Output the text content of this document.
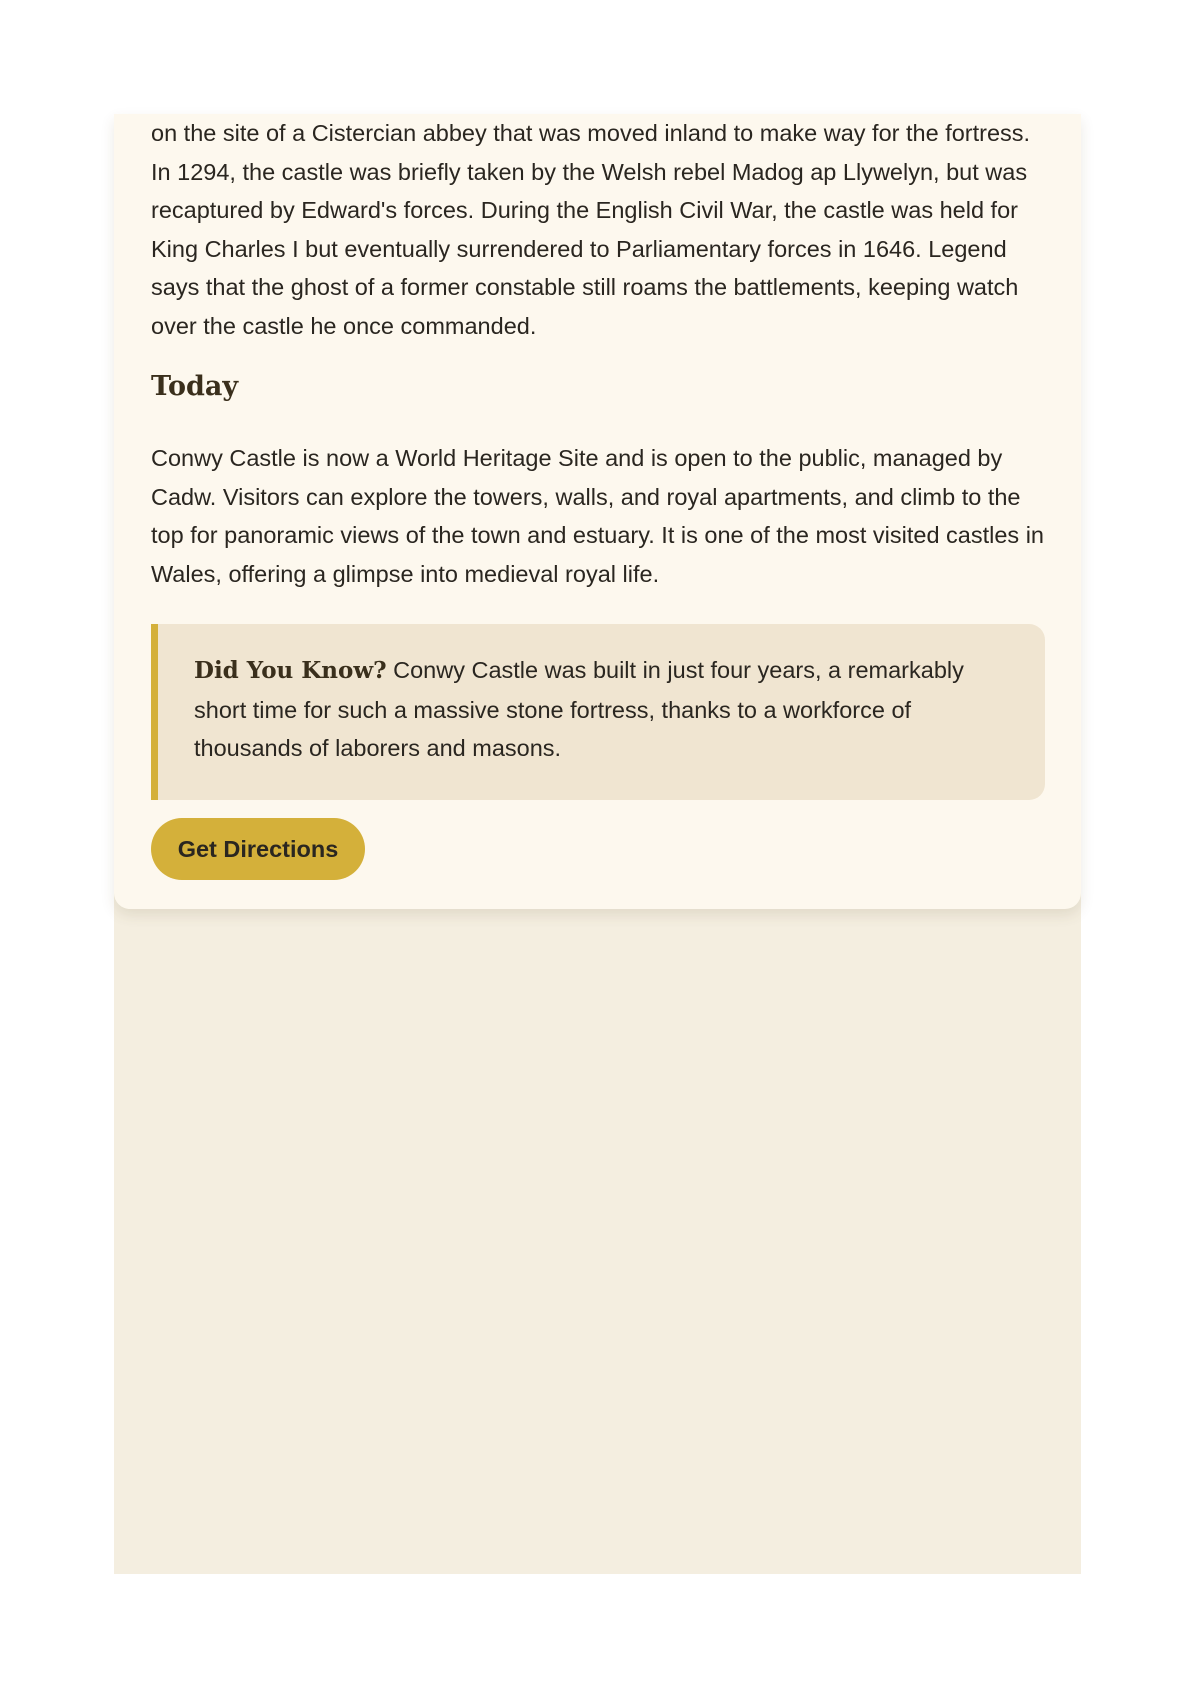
on the site of a Cistercian abbey that was moved inland to make way for the fortress. In 1294, the castle was briefly taken by the Welsh rebel Madog ap Llywelyn, but was recaptured by Edward's forces. During the English Civil War, the castle was held for King Charles I but eventually surrendered to Parliamentary forces in 1646. Legend says that the ghost of a former constable still roams the battlements, keeping watch over the castle he once commanded.

Today

Conwy Castle is now a World Heritage Site and is open to the public, managed by Cadw. Visitors can explore the towers, walls, and royal apartments, and climb to the top for panoramic views of the town and estuary. It is one of the most visited castles in Wales, offering a glimpse into medieval royal life.

Did You Know? Conwy Castle was built in just four years, a remarkably short time for such a massive stone fortress, thanks to a workforce of thousands of laborers and masons.

Get Directions
